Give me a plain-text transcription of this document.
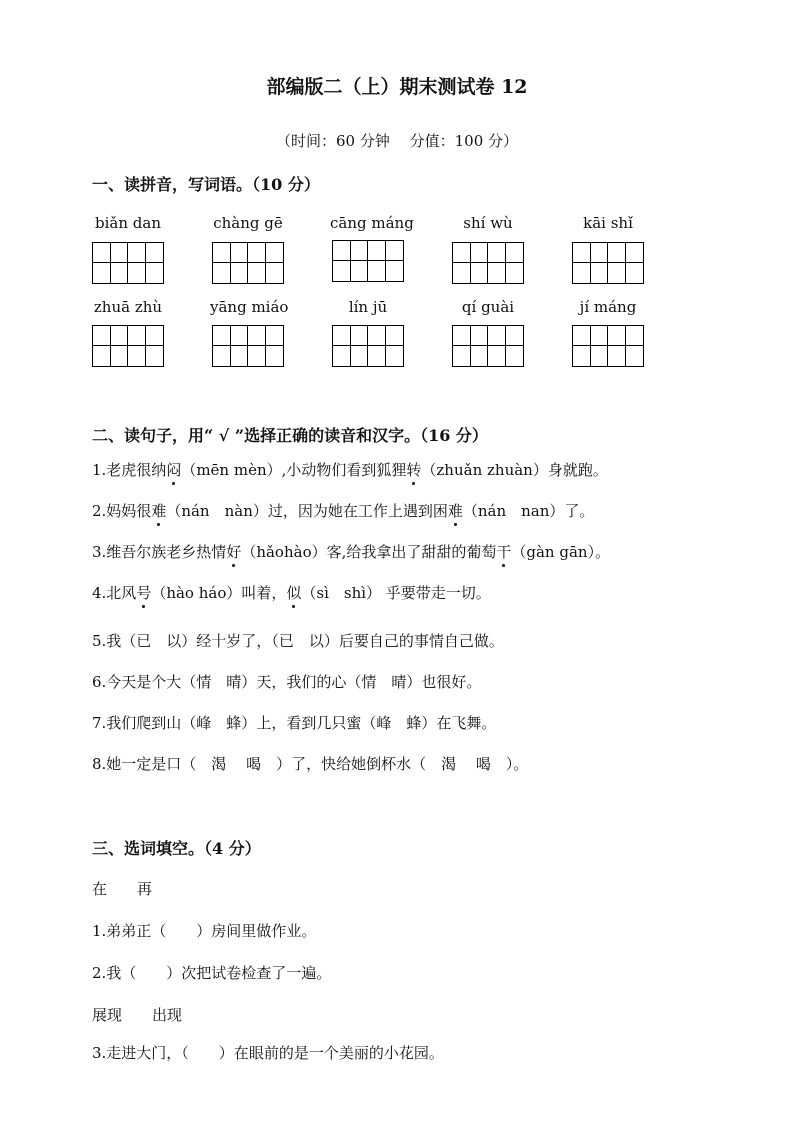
部编版二（上）期末测试卷 12
（时间：60 分钟　 分值：100 分）
一、读拼音，写词语。（10 分）
biǎn dan	chàng gē	cāng máng	shí wù	kāi shǐ
zhuā zhù	yāng miáo	lín jū	qí guài	jí máng
二、读句子，用“ √ ”选择正确的读音和汉字。（16 分）
1.老虎很纳闷（mēn mèn）,小动物们看到狐狸转（zhuǎn zhuàn）身就跑。
2.妈妈很难（nán　nàn）过，因为她在工作上遇到困难（nán　nan）了。
3.维吾尔族老乡热情好（hǎohào）客,给我拿出了甜甜的葡萄干（gàn gān）。
4.北风号（hào háo）叫着，似（sì　shì） 乎要带走一切。
5.我（已　以）经十岁了，（已　以）后要自己的事情自己做。
6.今天是个大（情　晴）天，我们的心（情　晴）也很好。
7.我们爬到山（峰　蜂）上，看到几只蜜（峰　蜂）在飞舞。
8.她一定是口（　渴　 喝　）了，快给她倒杯水（　渴　 喝　）。
三、选词填空。（4 分）
在　　再
1.弟弟正（　　）房间里做作业。
2.我（　　）次把试卷检查了一遍。
展现　　出现
3.走进大门，（　　）在眼前的是一个美丽的小花园。
